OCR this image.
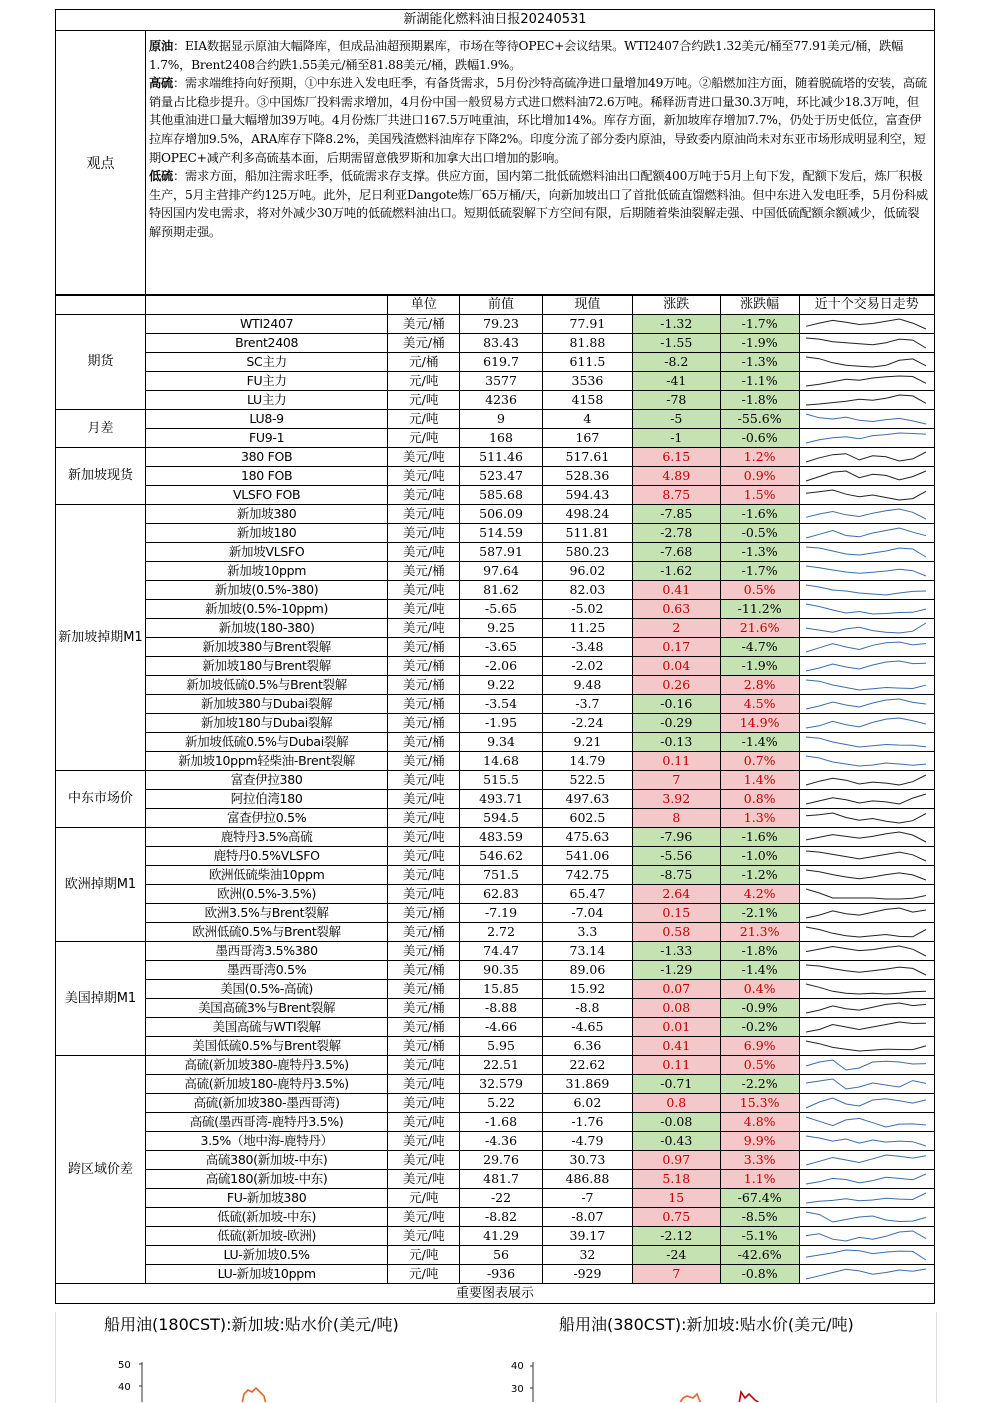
新湖能化燃料油日报20240531
观点

原油：EIA数据显示原油大幅降库，但成品油超预期累库，市场在等待OPEC+会议结果。WTI2407合约跌1.32美元/桶至77.91美元/桶，跌幅1.7%，Brent2408合约跌1.55美元/桶至81.88美元/桶，跌幅1.9%。

高硫：需求端维持向好预期，①中东进入发电旺季，有备货需求，5月份沙特高硫净进口量增加49万吨。②船燃加注方面，随着脱硫塔的安装，高硫销量占比稳步提升。③中国炼厂投料需求增加，4月份中国一般贸易方式进口燃料油72.6万吨。稀释沥青进口量30.3万吨，环比减少18.3万吨，但其他重油进口量大幅增加39万吨。4月份炼厂共进口167.5万吨重油，环比增加14%。库存方面，新加坡库存增加7.7%，仍处于历史低位，富查伊拉库存增加9.5%，ARA库存下降8.2%，美国残渣燃料油库存下降2%。印度分流了部分委内原油，导致委内原油尚未对东亚市场形成明显利空，短期OPEC+减产利多高硫基本面，后期需留意俄罗斯和加拿大出口增加的影响。

低硫：需求方面，船加注需求旺季，低硫需求存支撑。供应方面，国内第二批低硫燃料油出口配额400万吨于5月上旬下发，配额下发后，炼厂积极生产，5月主营排产约125万吨。此外，尼日利亚Dangote炼厂65万桶/天，向新加坡出口了首批低硫直馏燃料油。但中东进入发电旺季，5月份科威特因国内发电需求，将对外减少30万吨的低硫燃料油出口。短期低硫裂解下方空间有限，后期随着柴油裂解走强、中国低硫配额余额减少，低硫裂解预期走强。

		单位	前值	现值	涨跌	涨跌幅	近十个交易日走势
期货	WTI2407	美元/桶	79.23	77.91	-1.32	-1.7%	

	Brent2408	美元/桶	83.43	81.88	-1.55	-1.9%	

	SC主力	元/桶	619.7	611.5	-8.2	-1.3%	

	FU主力	元/吨	3577	3536	-41	-1.1%	

	LU主力	元/吨	4236	4158	-78	-1.8%	

月差	LU8-9	元/吨	9	4	-5	-55.6%	

	FU9-1	元/吨	168	167	-1	-0.6%	

新加坡现货	380 FOB	美元/吨	511.46	517.61	6.15	1.2%	

	180 FOB	美元/吨	523.47	528.36	4.89	0.9%	

	VLSFO FOB	美元/吨	585.68	594.43	8.75	1.5%	

新加坡掉期M1	新加坡380	美元/吨	506.09	498.24	-7.85	-1.6%	

	新加坡180	美元/吨	514.59	511.81	-2.78	-0.5%	

	新加坡VLSFO	美元/吨	587.91	580.23	-7.68	-1.3%	

	新加坡10ppm	美元/桶	97.64	96.02	-1.62	-1.7%	

	新加坡(0.5%-380)	美元/吨	81.62	82.03	0.41	0.5%	

	新加坡(0.5%-10ppm)	美元/吨	-5.65	-5.02	0.63	-11.2%	

	新加坡(180-380)	美元/吨	9.25	11.25	2	21.6%	

	新加坡380与Brent裂解	美元/桶	-3.65	-3.48	0.17	-4.7%	

	新加坡180与Brent裂解	美元/桶	-2.06	-2.02	0.04	-1.9%	

	新加坡低硫0.5%与Brent裂解	美元/桶	9.22	9.48	0.26	2.8%	

	新加坡380与Dubai裂解	美元/桶	-3.54	-3.7	-0.16	4.5%	

	新加坡180与Dubai裂解	美元/桶	-1.95	-2.24	-0.29	14.9%	

	新加坡低硫0.5%与Dubai裂解	美元/桶	9.34	9.21	-0.13	-1.4%	

	新加坡10ppm轻柴油-Brent裂解	美元/桶	14.68	14.79	0.11	0.7%	

中东市场价	富查伊拉380	美元/吨	515.5	522.5	7	1.4%	

	阿拉伯湾180	美元/吨	493.71	497.63	3.92	0.8%	

	富查伊拉0.5%	美元/吨	594.5	602.5	8	1.3%	

欧洲掉期M1	鹿特丹3.5%高硫	美元/吨	483.59	475.63	-7.96	-1.6%	

	鹿特丹0.5%VLSFO	美元/吨	546.62	541.06	-5.56	-1.0%	

	欧洲低硫柴油10ppm	美元/吨	751.5	742.75	-8.75	-1.2%	

	欧洲(0.5%-3.5%)	美元/吨	62.83	65.47	2.64	4.2%	

	欧洲3.5%与Brent裂解	美元/桶	-7.19	-7.04	0.15	-2.1%	

	欧洲低硫0.5%与Brent裂解	美元/桶	2.72	3.3	0.58	21.3%	

美国掉期M1	墨西哥湾3.5%380	美元/桶	74.47	73.14	-1.33	-1.8%	

	墨西哥湾0.5%	美元/桶	90.35	89.06	-1.29	-1.4%	

	美国(0.5%-高硫)	美元/桶	15.85	15.92	0.07	0.4%	

	美国高硫3%与Brent裂解	美元/桶	-8.88	-8.8	0.08	-0.9%	

	美国高硫与WTI裂解	美元/桶	-4.66	-4.65	0.01	-0.2%	

	美国低硫0.5%与Brent裂解	美元/桶	5.95	6.36	0.41	6.9%	

跨区域价差	高硫(新加坡380-鹿特丹3.5%)	美元/吨	22.51	22.62	0.11	0.5%	

	高硫(新加坡180-鹿特丹3.5%)	美元/吨	32.579	31.869	-0.71	-2.2%	

	高硫(新加坡380-墨西哥湾)	美元/吨	5.22	6.02	0.8	15.3%	

	高硫(墨西哥湾-鹿特丹3.5%)	美元/吨	-1.68	-1.76	-0.08	4.8%	

	3.5%（地中海-鹿特丹）	美元/吨	-4.36	-4.79	-0.43	9.9%	

	高硫380(新加坡-中东)	美元/吨	29.76	30.73	0.97	3.3%	

	高硫180(新加坡-中东)	美元/吨	481.7	486.88	5.18	1.1%	

	FU-新加坡380	元/吨	-22	-7	15	-67.4%	

	低硫(新加坡-中东)	美元/吨	-8.82	-8.07	0.75	-8.5%	

	低硫(新加坡-欧洲)	美元/吨	41.29	39.17	-2.12	-5.1%	

	LU-新加坡0.5%	元/吨	56	32	-24	-42.6%	

	LU-新加坡10ppm	元/吨	-936	-929	7	-0.8%	
重要图表展示
船用油(180CST):新加坡:贴水价(美元/吨)
50
40
船用油(380CST):新加坡:贴水价(美元/吨)
40
30
